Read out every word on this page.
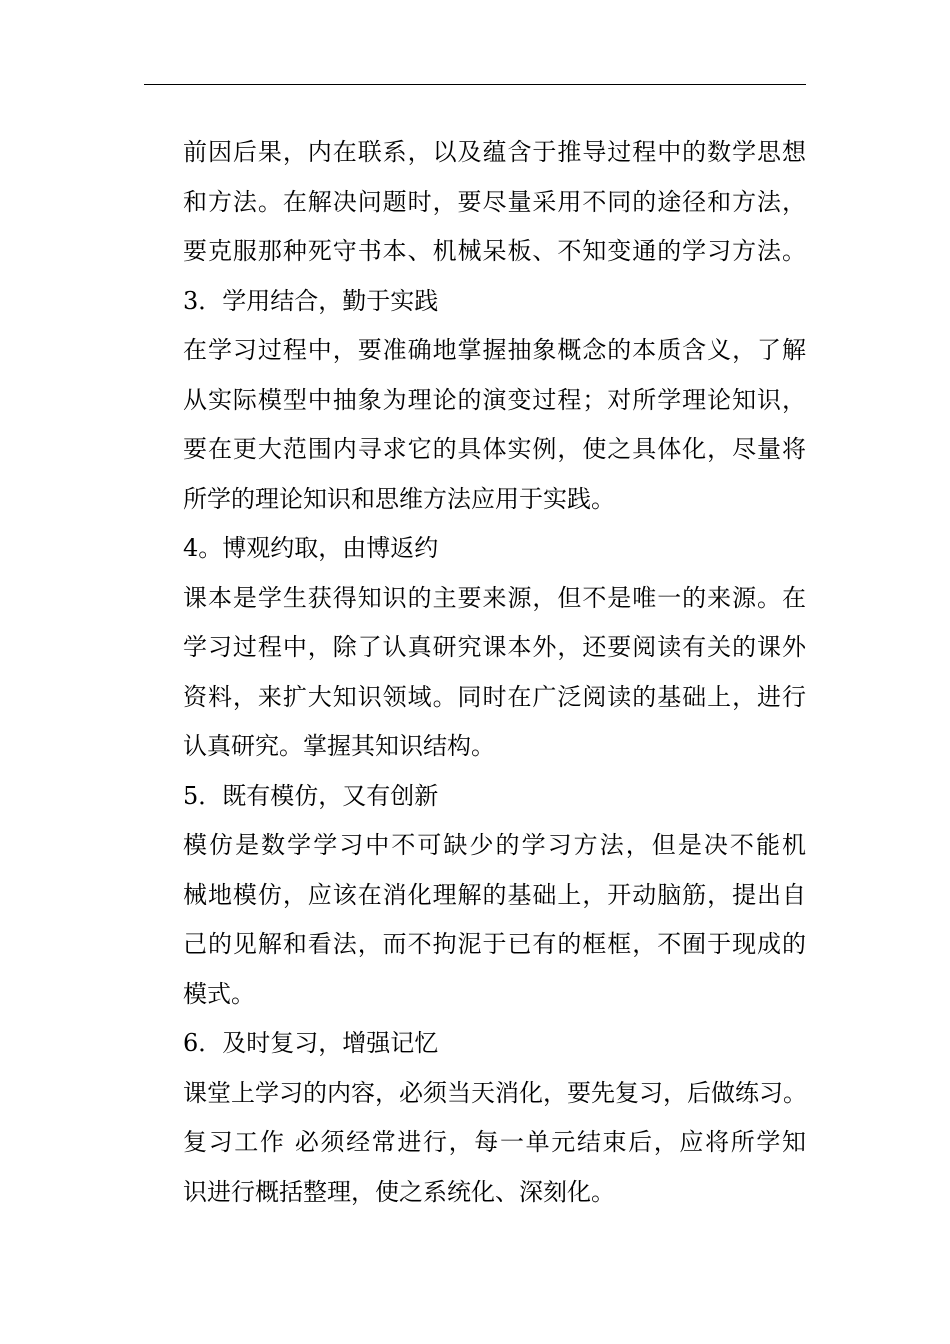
前因后果，内在联系，以及蕴含于推导过程中的数学思想
和方法。在解决问题时，要尽量采用不同的途径和方法，
要克服那种死守书本、机械呆板、不知变通的学习方法。
3．学用结合，勤于实践
在学习过程中，要准确地掌握抽象概念的本质含义，了解
从实际模型中抽象为理论的演变过程；对所学理论知识，
要在更大范围内寻求它的具体实例，使之具体化，尽量将
所学的理论知识和思维方法应用于实践。
4。博观约取，由博返约
课本是学生获得知识的主要来源，但不是唯一的来源。在
学习过程中，除了认真研究课本外，还要阅读有关的课外
资料，来扩大知识领域。同时在广泛阅读的基础上，进行
认真研究。掌握其知识结构。
5．既有模仿，又有创新
模仿是数学学习中不可缺少的学习方法，但是决不能机
械地模仿，应该在消化理解的基础上，开动脑筋，提出自
己的见解和看法，而不拘泥于已有的框框，不囿于现成的
模式。
6．及时复习，增强记忆
课堂上学习的内容，必须当天消化，要先复习，后做练习。
复习工作 必须经常进行，每一单元结束后，应将所学知
识进行概括整理，使之系统化、深刻化。
